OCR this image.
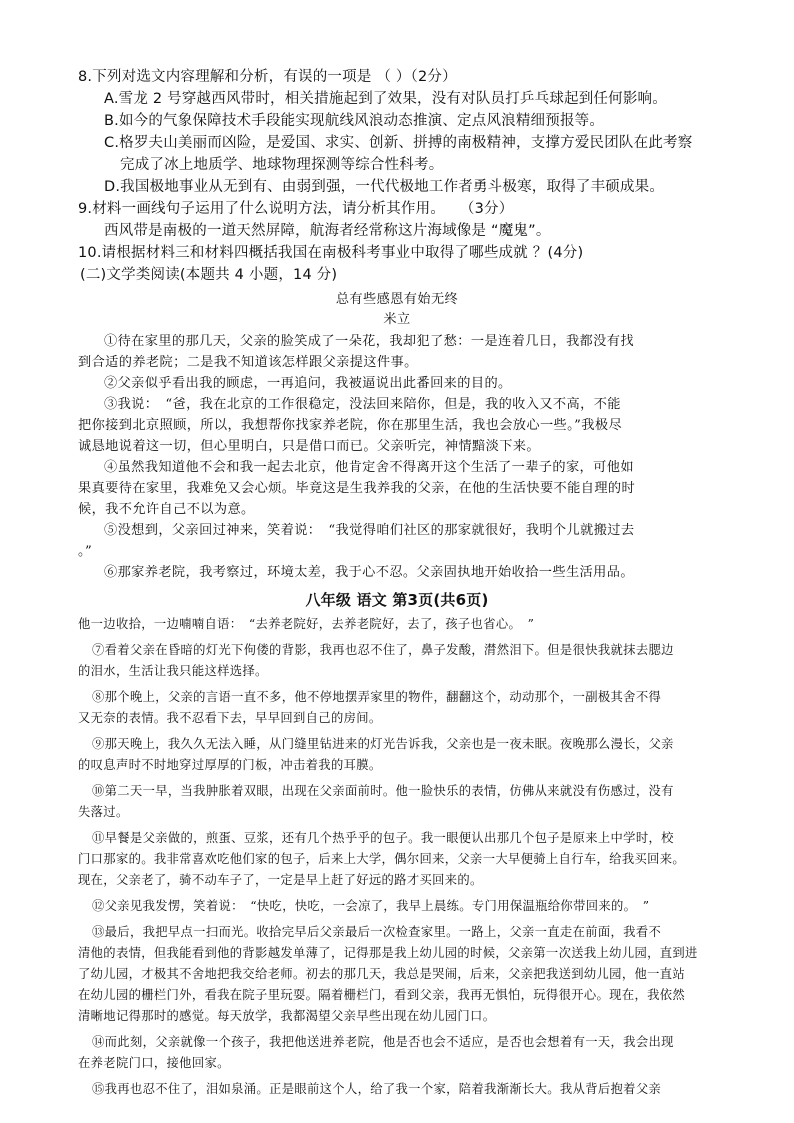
8.下列对选文内容理解和分析，有误的一项是 （ ）（2分）
A.雪龙 2 号穿越西风带时，相关措施起到了效果，没有对队员打乒乓球起到任何影响。
B.如今的气象保障技术手段能实现航线风浪动态推演、定点风浪精细预报等。
C.格罗夫山美丽而凶险，是爱国、求实、创新、拼搏的南极精神，支撑方爱民团队在此考察
完成了冰上地质学、地球物理探测等综合性科考。
D.我国极地事业从无到有、由弱到强，一代代极地工作者勇斗极寒，取得了丰硕成果。
9.材料一画线句子运用了什么说明方法，请分析其作用。　　（3分）
西风带是南极的一道天然屏障，航海者经常称这片海域像是 “魔鬼”。
10.请根据材料三和材料四概括我国在南极科考事业中取得了哪些成就 ？(4分)
(二)文学类阅读(本题共 4 小题，14 分)
总有些感恩有始无终
米立
①待在家里的那几天，父亲的脸笑成了一朵花，我却犯了愁：一是连着几日，我都没有找
到合适的养老院；二是我不知道该怎样跟父亲提这件事。
②父亲似乎看出我的顾虑，一再追问，我被逼说出此番回来的目的。
③我说：　“爸，我在北京的工作很稳定，没法回来陪你，但是，我的收入又不高，不能
把你接到北京照顾，所以，我想帮你找家养老院，你在那里生活，我也会放心一些。”我极尽
诚恳地说着这一切，但心里明白，只是借口而已。父亲听完，神情黯淡下来。
④虽然我知道他不会和我一起去北京，他肯定舍不得离开这个生活了一辈子的家，可他如
果真要待在家里，我难免又会心烦。毕竟这是生我养我的父亲，在他的生活快要不能自理的时
候，我不允许自己不以为意。
⑤没想到，父亲回过神来，笑着说：　“我觉得咱们社区的那家就很好，我明个儿就搬过去
。”
⑥那家养老院，我考察过，环境太差，我于心不忍。父亲固执地开始收拾一些生活用品。
八年级 语文 第3页(共6页)
他一边收拾，一边喃喃自语：　“去养老院好，去养老院好，去了，孩子也省心。　”
⑦看着父亲在昏暗的灯光下佝偻的背影，我再也忍不住了，鼻子发酸，潸然泪下。但是很快我就抹去腮边
的泪水，生活让我只能这样选择。
⑧那个晚上，父亲的言语一直不多，他不停地摆弄家里的物件，翻翻这个，动动那个，一副极其舍不得
又无奈的表情。我不忍看下去，早早回到自己的房间。
⑨那天晚上，我久久无法入睡，从门缝里钻进来的灯光告诉我，父亲也是一夜未眠。夜晚那么漫长，父亲
的叹息声时不时地穿过厚厚的门板，冲击着我的耳膜。
⑩第二天一早，当我肿胀着双眼，出现在父亲面前时。他一脸快乐的表情，仿佛从来就没有伤感过，没有
失落过。
⑪早餐是父亲做的，煎蛋、豆浆，还有几个热乎乎的包子。我一眼便认出那几个包子是原来上中学时，校
门口那家的。我非常喜欢吃他们家的包子，后来上大学，偶尔回来，父亲一大早便骑上自行车，给我买回来。
现在，父亲老了，骑不动车子了，一定是早上赶了好远的路才买回来的。
⑫父亲见我发愣，笑着说：　“快吃，快吃，一会凉了，我早上晨练。专门用保温瓶给你带回来的。　”
⑬最后，我把早点一扫而光。收拾完早后父亲最后一次检查家里。一路上，父亲一直走在前面，我看不
清他的表情，但我能看到他的背影越发单薄了，记得那是我上幼儿园的时候，父亲第一次送我上幼儿园，直到进
了幼儿园，才极其不舍地把我交给老师。初去的那几天，我总是哭闹，后来，父亲把我送到幼儿园，他一直站
在幼儿园的栅栏门外，看我在院子里玩耍。隔着栅栏门，看到父亲，我再无惧怕，玩得很开心。现在，我依然
清晰地记得那时的感觉。每天放学，我都渴望父亲早些出现在幼儿园门口。
⑭而此刻，父亲就像一个孩子，我把他送进养老院，他是否也会不适应，是否也会想着有一天，我会出现
在养老院门口，接他回家。
⑮我再也忍不住了，泪如泉涌。正是眼前这个人，给了我一个家，陪着我渐渐长大。我从背后抱着父亲
